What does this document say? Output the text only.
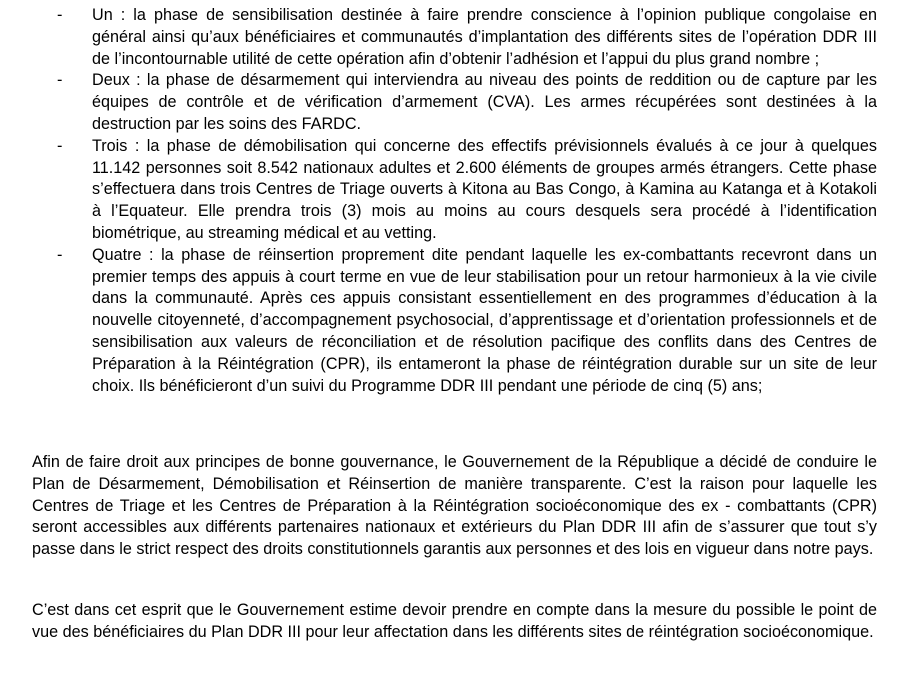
- Un : la phase de sensibilisation destinée à faire prendre conscience à l’opinion publique congolaise en général ainsi qu’aux bénéficiaires et communautés d’implantation des différents sites de l’opération DDR III de l’incontournable utilité de cette opération afin d’obtenir l’adhésion et l’appui du plus grand nombre ;
- Deux : la phase de désarmement qui interviendra au niveau des points de reddition ou de capture par les équipes de contrôle et de vérification d’armement (CVA). Les armes récupérées sont destinées à la destruction par les soins des FARDC.
- Trois : la phase de démobilisation qui concerne des effectifs prévisionnels évalués à ce jour à quelques 11.142 personnes soit 8.542 nationaux adultes et 2.600 éléments de groupes armés étrangers. Cette phase s’effectuera dans trois Centres de Triage ouverts à Kitona au Bas Congo, à Kamina au Katanga et à Kotakoli à l’Equateur. Elle prendra trois (3) mois au moins au cours desquels sera procédé à l’identification biométrique, au streaming médical et au vetting.
- Quatre : la phase de réinsertion proprement dite pendant laquelle les ex-combattants recevront dans un premier temps des appuis à court terme en vue de leur stabilisation pour un retour harmonieux à la vie civile dans la communauté. Après ces appuis consistant essentiellement en des programmes d’éducation à la nouvelle citoyenneté, d’accompagnement psychosocial, d’apprentissage et d’orientation professionnels et de sensibilisation aux valeurs de réconciliation et de résolution pacifique des conflits dans des Centres de Préparation à la Réintégration (CPR), ils entameront la phase de réintégration durable sur un site de leur choix. Ils bénéficieront d’un suivi du Programme DDR III pendant une période de cinq (5) ans;

Afin de faire droit aux principes de bonne gouvernance, le Gouvernement de la République a décidé de conduire le Plan de Désarmement, Démobilisation et Réinsertion de manière transparente. C’est la raison pour laquelle les Centres de Triage et les Centres de Préparation à la Réintégration socioéconomique des ex - combattants (CPR) seront accessibles aux différents partenaires nationaux et extérieurs du Plan DDR III afin de s’assurer que tout s’y passe dans le strict respect des droits constitutionnels garantis aux personnes et des lois en vigueur dans notre pays.

C’est dans cet esprit que le Gouvernement estime devoir prendre en compte dans la mesure du possible le point de vue des bénéficiaires du Plan DDR III pour leur affectation dans les différents sites de réintégration socioéconomique.
